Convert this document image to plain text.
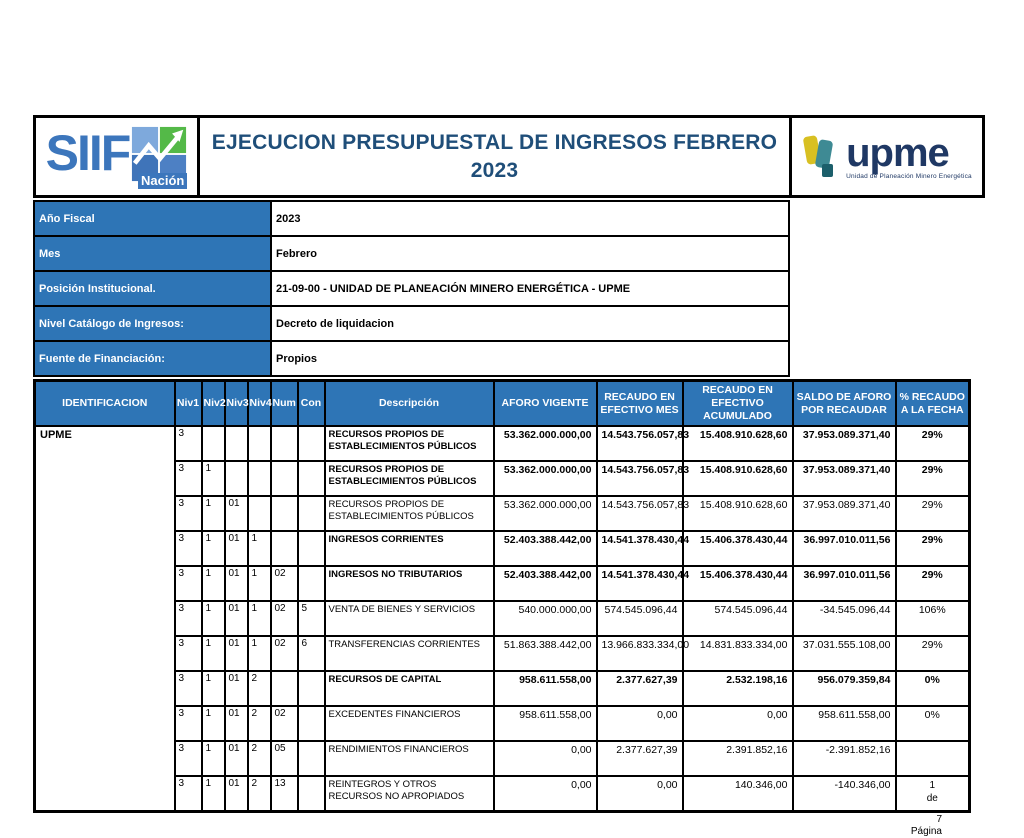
SIIF Nación
EJECUCION PRESUPUESTAL DE INGRESOS FEBRERO
2023	upme
Unidad de Planeación Minero Energética
Año Fiscal	2023
Mes	Febrero
Posición Institucional.	21-09-00 - UNIDAD DE PLANEACIÓN MINERO ENERGÉTICA - UPME
Nivel Catálogo de Ingresos:	Decreto de liquidacion
Fuente de Financiación:	Propios
IDENTIFICACION	Niv1	Niv2	Niv3	Niv4	Num	Con	Descripción	AFORO VIGENTE	RECAUDO EN EFECTIVO MES	RECAUDO EN EFECTIVO ACUMULADO	SALDO DE AFORO POR RECAUDAR	% RECAUDO A LA FECHA
UPME	3						RECURSOS PROPIOS DE ESTABLECIMIENTOS PÚBLICOS	53.362.000.000,00	14.543.756.057,83	15.408.910.628,60	37.953.089.371,40	29%
	3	1					RECURSOS PROPIOS DE ESTABLECIMIENTOS PÚBLICOS	53.362.000.000,00	14.543.756.057,83	15.408.910.628,60	37.953.089.371,40	29%
	3	1	01				RECURSOS PROPIOS DE ESTABLECIMIENTOS PÚBLICOS	53.362.000.000,00	14.543.756.057,83	15.408.910.628,60	37.953.089.371,40	29%
	3	1	01	1			INGRESOS CORRIENTES	52.403.388.442,00	14.541.378.430,44	15.406.378.430,44	36.997.010.011,56	29%
	3	1	01	1	02		INGRESOS NO TRIBUTARIOS	52.403.388.442,00	14.541.378.430,44	15.406.378.430,44	36.997.010.011,56	29%
	3	1	01	1	02	5	VENTA DE BIENES Y SERVICIOS	540.000.000,00	574.545.096,44	574.545.096,44	-34.545.096,44	106%
	3	1	01	1	02	6	TRANSFERENCIAS CORRIENTES	51.863.388.442,00	13.966.833.334,00	14.831.833.334,00	37.031.555.108,00	29%
	3	1	01	2			RECURSOS DE CAPITAL	958.611.558,00	2.377.627,39	2.532.198,16	956.079.359,84	0%
	3	1	01	2	02		EXCEDENTES FINANCIEROS	958.611.558,00	0,00	0,00	958.611.558,00	0%
	3	1	01	2	05		RENDIMIENTOS FINANCIEROS	0,00	2.377.627,39	2.391.852,16	-2.391.852,16	
	3	1	01	2	13		REINTEGROS Y OTROS RECURSOS NO APROPIADOS	0,00	0,00	140.346,00	-140.346,00	1
de
7
Página
